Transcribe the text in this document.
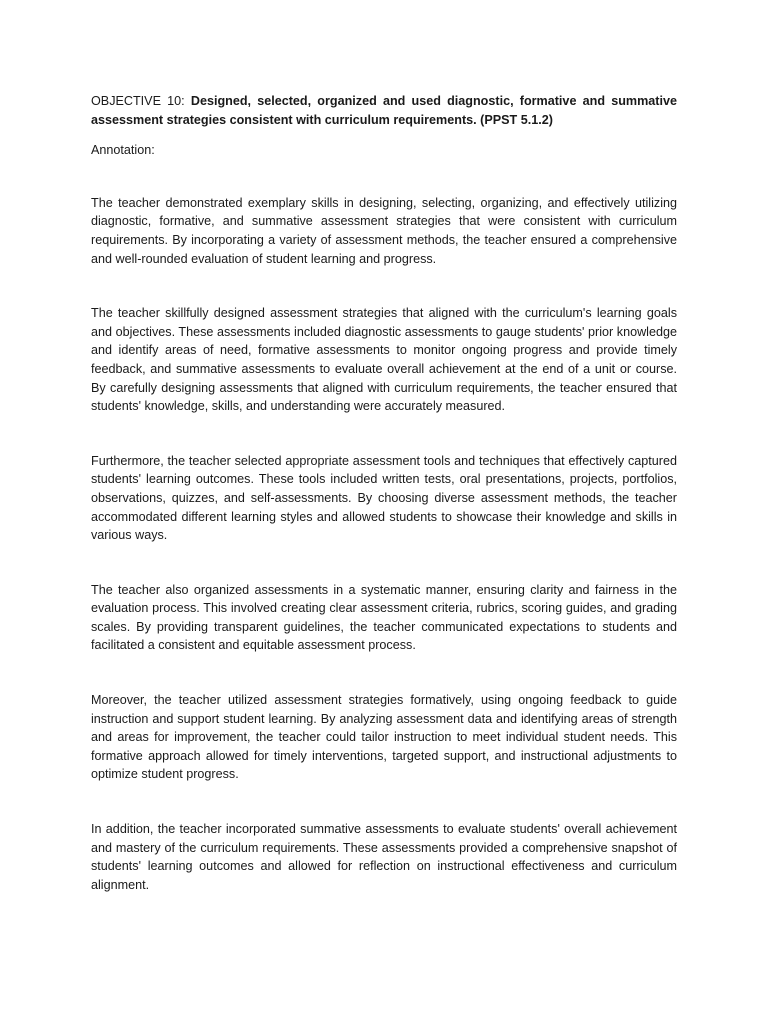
OBJECTIVE 10: Designed, selected, organized and used diagnostic, formative and summative assessment strategies consistent with curriculum requirements. (PPST 5.1.2)

Annotation:

The teacher demonstrated exemplary skills in designing, selecting, organizing, and effectively utilizing diagnostic, formative, and summative assessment strategies that were consistent with curriculum requirements. By incorporating a variety of assessment methods, the teacher ensured a comprehensive and well-rounded evaluation of student learning and progress.

The teacher skillfully designed assessment strategies that aligned with the curriculum's learning goals and objectives. These assessments included diagnostic assessments to gauge students' prior knowledge and identify areas of need, formative assessments to monitor ongoing progress and provide timely feedback, and summative assessments to evaluate overall achievement at the end of a unit or course. By carefully designing assessments that aligned with curriculum requirements, the teacher ensured that students' knowledge, skills, and understanding were accurately measured.

Furthermore, the teacher selected appropriate assessment tools and techniques that effectively captured students' learning outcomes. These tools included written tests, oral presentations, projects, portfolios, observations, quizzes, and self-assessments. By choosing diverse assessment methods, the teacher accommodated different learning styles and allowed students to showcase their knowledge and skills in various ways.

The teacher also organized assessments in a systematic manner, ensuring clarity and fairness in the evaluation process. This involved creating clear assessment criteria, rubrics, scoring guides, and grading scales. By providing transparent guidelines, the teacher communicated expectations to students and facilitated a consistent and equitable assessment process.

Moreover, the teacher utilized assessment strategies formatively, using ongoing feedback to guide instruction and support student learning. By analyzing assessment data and identifying areas of strength and areas for improvement, the teacher could tailor instruction to meet individual student needs. This formative approach allowed for timely interventions, targeted support, and instructional adjustments to optimize student progress.

In addition, the teacher incorporated summative assessments to evaluate students' overall achievement and mastery of the curriculum requirements. These assessments provided a comprehensive snapshot of students' learning outcomes and allowed for reflection on instructional effectiveness and curriculum alignment.
